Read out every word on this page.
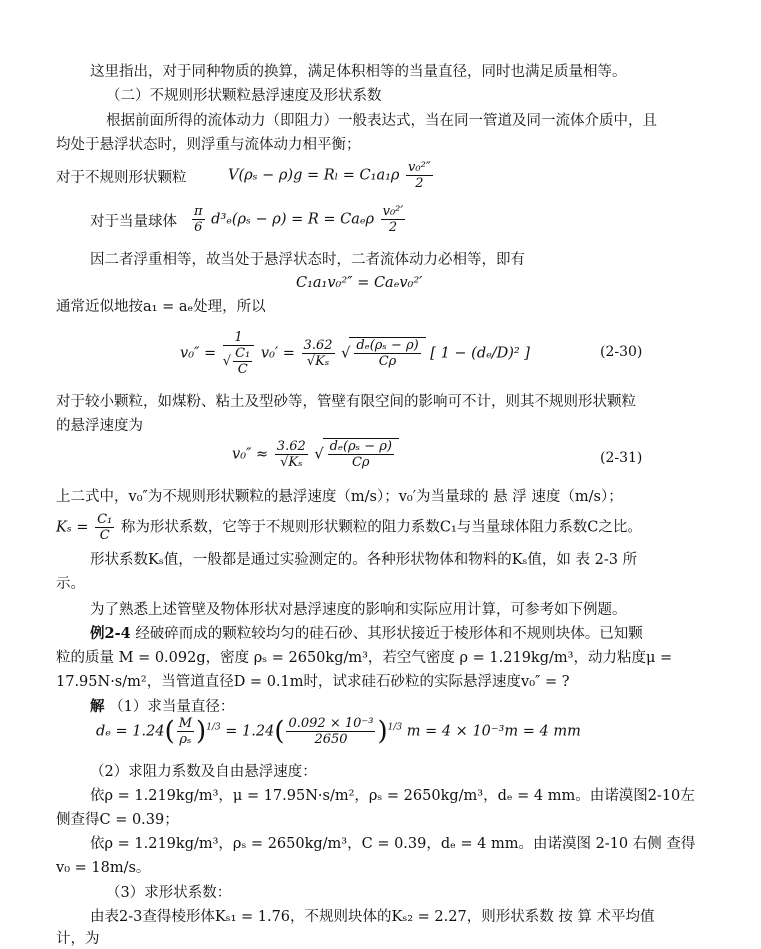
这里指出，对于同种物质的换算，满足体积相等的当量直径，同时也满足质量相等。
（二）不规则形状颗粒悬浮速度及形状系数
根据前面所得的流体动力（即阻力）一般表达式，当在同一管道及同一流体介质中，且
均处于悬浮状态时，则浮重与流体动力相平衡；
对于不规则形状颗粒	$V(\rho_s - \rho)g = R_l = C_1a_1\rho \frac{\text{v₀²″}}{2}$
对于当量球体 $\frac{\pi}{6} d^3_e(\rho_s - \rho) = R = Ca_e\rho \frac{\text{v₀²′}}{2}$
因二者浮重相等，故当处于悬浮状态时，二者流体动力必相等，即有
C₁a₁v₀²″ = Caₑv₀²′
通常近似地按a₁ = aₑ处理，所以
$v_0'' = \frac{1}{√ \frac{\text{C₁}}{C}} v_0' = \frac{3.62}{\text{√Kₛ}}$ √ $\frac{\text{dₑ(ρₛ − ρ)}}{C\rho}$ [ 1 − (dₑ/D)² ]	(2-30)
对于较小颗粒，如煤粉、粘土及型砂等，管壁有限空间的影响可不计，则其不规则形状颗粒
的悬浮速度为
$v_0'' \approx \frac{3.62}{\text{√Kₛ}}$ √ $\frac{\text{dₑ(ρₛ − ρ)}}{C\rho}$	(2-31)
上二式中，v₀″为不规则形状颗粒的悬浮速度（m/s）；v₀′为当量球的 悬 浮 速度（m/s）；
$K_s = \frac{\text{C₁}}{C}$ 称为形状系数，它等于不规则形状颗粒的阻力系数C₁与当量球体阻力系数C之比。
形状系数Kₛ值，一般都是通过实验测定的。各种形状物体和物料的Kₛ值，如 表 2-3 所
示。
为了熟悉上述管壁及物体形状对悬浮速度的影响和实际应用计算，可参考如下例题。
例2-4 经破碎而成的颗粒较均匀的硅石砂、其形状接近于棱形体和不规则块体。已知颗
粒的质量 M = 0.092g，密度 ρₛ = 2650kg/m³，若空气密度 ρ = 1.219kg/m³，动力粘度μ =
17.95N·s/m²，当管道直径D = 0.1m时，试求硅石砂粒的实际悬浮速度v₀″ = ?
解 （1）求当量直径：
$d_e = 1.24( \frac{M}{\text{ρₛ}} )^{1/3} = 1.24( \frac{\text{0.092 × 10⁻³}}{2650} )^{1/3}$ m = 4 × 10⁻³m = 4 mm
（2）求阻力系数及自由悬浮速度：
依ρ = 1.219kg/m³，μ = 17.95N·s/m²，ρₛ = 2650kg/m³，dₑ = 4 mm。由诺漠图2-10左
侧查得C = 0.39；
依ρ = 1.219kg/m³，ρₛ = 2650kg/m³，C = 0.39，dₑ = 4 mm。由诺漠图 2-10 右侧 查得
v₀ = 18m/s。
（3）求形状系数：
由表2-3查得棱形体Kₛ₁ = 1.76，不规则块体的Kₛ₂ = 2.27，则形状系数 按 算 术平均值
计，为
